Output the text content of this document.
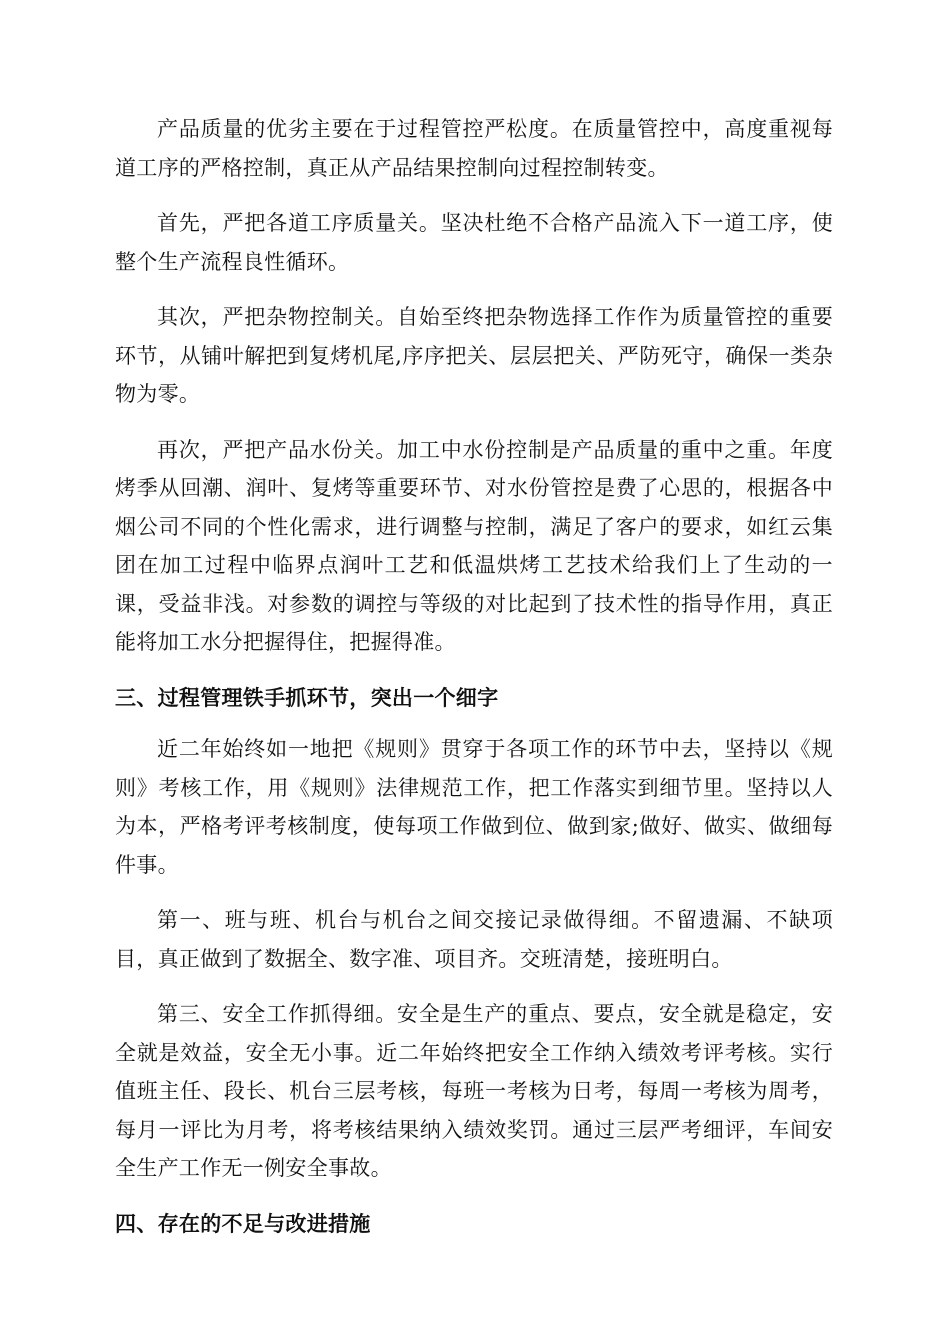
产品质量的优劣主要在于过程管控严松度。在质量管控中，高度重视每道工序的严格控制，真正从产品结果控制向过程控制转变。

首先，严把各道工序质量关。坚决杜绝不合格产品流入下一道工序，使整个生产流程良性循环。

其次，严把杂物控制关。自始至终把杂物选择工作作为质量管控的重要环节，从铺叶解把到复烤机尾,序序把关、层层把关、严防死守，确保一类杂物为零。

再次，严把产品水份关。加工中水份控制是产品质量的重中之重。年度烤季从回潮、润叶、复烤等重要环节、对水份管控是费了心思的，根据各中烟公司不同的个性化需求，进行调整与控制，满足了客户的要求，如红云集团在加工过程中临界点润叶工艺和低温烘烤工艺技术给我们上了生动的一课，受益非浅。对参数的调控与等级的对比起到了技术性的指导作用，真正能将加工水分把握得住，把握得准。

三、过程管理铁手抓环节，突出一个细字

近二年始终如一地把《规则》贯穿于各项工作的环节中去，坚持以《规则》考核工作，用《规则》法律规范工作，把工作落实到细节里。坚持以人为本，严格考评考核制度，使每项工作做到位、做到家;做好、做实、做细每件事。

第一、班与班、机台与机台之间交接记录做得细。不留遗漏、不缺项目，真正做到了数据全、数字准、项目齐。交班清楚，接班明白。

第三、安全工作抓得细。安全是生产的重点、要点，安全就是稳定，安全就是效益，安全无小事。近二年始终把安全工作纳入绩效考评考核。实行值班主任、段长、机台三层考核，每班一考核为日考，每周一考核为周考，每月一评比为月考，将考核结果纳入绩效奖罚。通过三层严考细评，车间安全生产工作无一例安全事故。

四、存在的不足与改进措施
